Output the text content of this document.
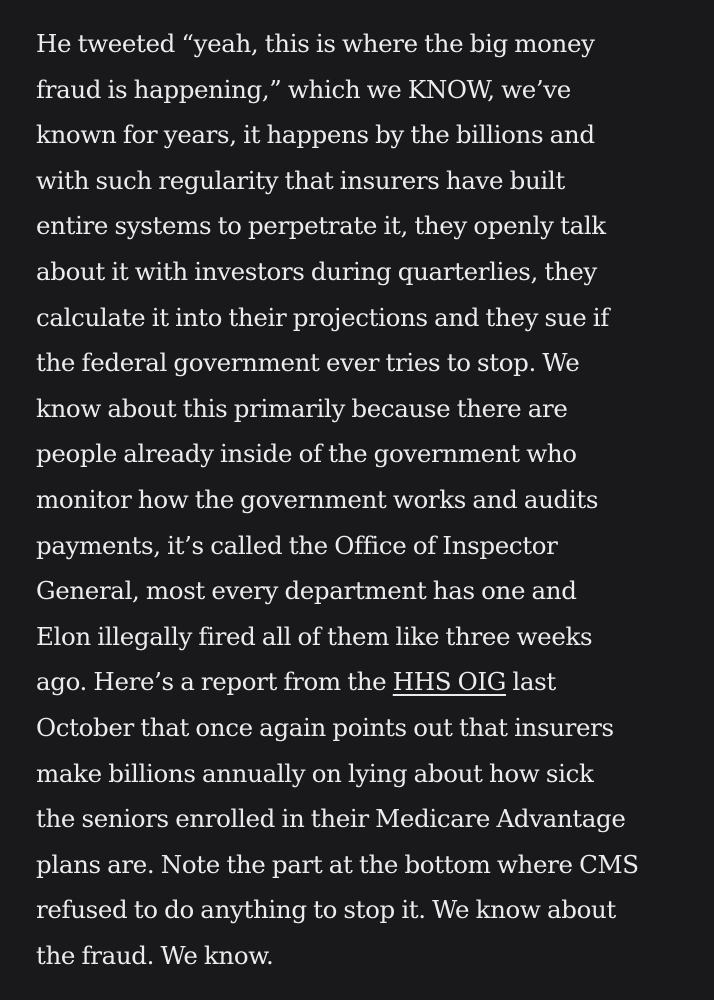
He tweeted “yeah, this is where the big money
fraud is happening,” which we KNOW, we’ve
known for years, it happens by the billions and
with such regularity that insurers have built
entire systems to perpetrate it, they openly talk
about it with investors during quarterlies, they
calculate it into their projections and they sue if
the federal government ever tries to stop. We
know about this primarily because there are
people already inside of the government who
monitor how the government works and audits
payments, it’s called the Office of Inspector
General, most every department has one and
Elon illegally fired all of them like three weeks
ago. Here’s a report from the HHS OIG last
October that once again points out that insurers
make billions annually on lying about how sick
the seniors enrolled in their Medicare Advantage
plans are. Note the part at the bottom where CMS
refused to do anything to stop it. We know about
the fraud. We know.
